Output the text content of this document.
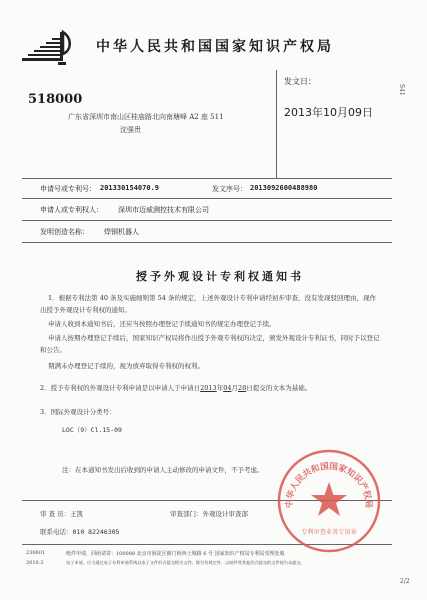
中华人民共和国国家知识产权局
S41
518000
广东省深圳市南山区桂庙路北向南塘峰 A2 座 511
沈强贵
发文日：
2013年10月09日
申请号或专利号： 201330154070.9	发文序号： 2013092600488980
申请人或专利权人： 深圳市迈威测控技术有限公司
发明创造名称： 焊钢机器人
授予外观设计专利权通知书
1．根据专利法第 40 条及实施细则第 54 条的规定，上述外观设计专利申请经初步审查，没有发现驳回理由，现作
出授予外观设计专利权的通知。
申请人收到本通知书后，还应当按照办理登记手续通知书的规定办理登记手续。
申请人按期办理登记手续后，国家知识产权局将作出授予外观专利权的决定，颁发外观设计专利证书，同时予以登记
和公告。
期满未办理登记手续的，视为放弃取得专利权的权利。
2．授予专利权的外观设计专利申请是以申请人于申请日2013年04月28日提交的文本为基础。
3．国际外观设计分类号：
LOC（9）Cl.15-09
注：在本通知书发出后收到的申请人主动修改的申请文件，不予考虑。
审 查 员：王凯	审查部门：外观设计审查部
联系电话：010 82246305
230601
2010.2
纸件申请，回函请寄：100088 北京市海淀区蓟门桥西土城路 6 号 国家知识产权局专利局受理处收
电子申请，应当通过电子专利申请系统以电子文件形式提交相关文件。除另有规定外，以纸件等其他形式提交的文件视为未提交。
2/2
中华人民共和国国家知识产权局
专利审查业务专用章
